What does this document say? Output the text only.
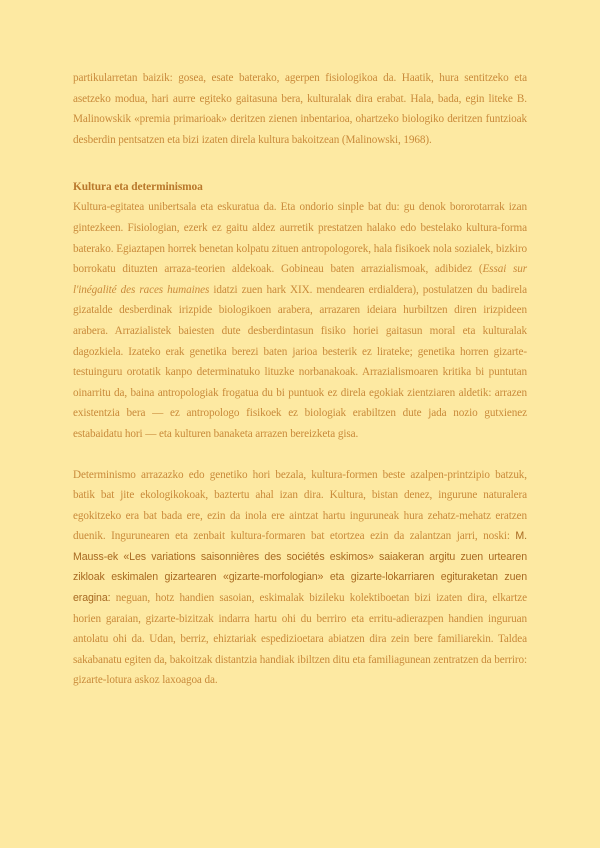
partikularretan baizik: gosea, esate baterako, agerpen fisiologikoa da. Haatik, hura sentitzeko eta asetzeko modua, hari aurre egiteko gaitasuna bera, kulturalak dira erabat. Hala, bada, egin liteke B. Malinowskik «premia primarioak» deritzen zienen inbentarioa, ohartzeko biologiko deritzen funtzioak desberdin pentsatzen eta bizi izaten direla kultura bakoitzean (Malinowski, 1968).

Kultura eta determinismoa

Kultura-egitatea unibertsala eta eskuratua da. Eta ondorio sinple bat du: gu denok bororotarrak izan gintezkeen. Fisiologian, ezerk ez gaitu aldez aurretik prestatzen halako edo bestelako kultura-forma baterako. Egiaztapen horrek benetan kolpatu zituen antropologorek, hala fisikoek nola sozialek, bizkiro borrokatu dituzten arraza-teorien aldekoak. Gobineau baten arrazialismoak, adibidez (Essai sur l'inégalité des races humaines idatzi zuen hark XIX. mendearen erdialdera), postulatzen du badirela gizatalde desberdinak irizpide biologikoen arabera, arrazaren ideiara hurbiltzen diren irizpideen arabera. Arrazialistek baiesten dute desberdintasun fisiko horiei gaitasun moral eta kulturalak dagozkiela. Izateko erak genetika berezi baten jarioa besterik ez lirateke; genetika horren gizarte-testuinguru orotatik kanpo determinatuko lituzke norbanakoak. Arrazialismoaren kritika bi puntutan oinarritu da, baina antropologiak frogatua du bi puntuok ez direla egokiak zientziaren aldetik: arrazen existentzia bera — ez antropologo fisikoek ez biologiak erabiltzen dute jada nozio gutxienez estabaidatu hori — eta kulturen banaketa arrazen bereizketa gisa.

Determinismo arrazazko edo genetiko hori bezala, kultura-formen beste azalpen-printzipio batzuk, batik bat jite ekologikokoak, baztertu ahal izan dira. Kultura, bistan denez, ingurune naturalera egokitzeko era bat bada ere, ezin da inola ere aintzat hartu inguruneak hura zehatz-mehatz eratzen duenik. Ingurunearen eta zenbait kultura-formaren bat etortzea ezin da zalantzan jarri, noski: M. Mauss-ek «Les variations saisonnières des sociétés eskimos» saiakeran argitu zuen urtearen zikloak eskimalen gizartearen «gizarte-morfologian» eta gizarte-lokarriaren egituraketan zuen eragina: neguan, hotz handien sasoian, eskimalak bizileku kolektiboetan bizi izaten dira, elkartze horien garaian, gizarte-bizitzak indarra hartu ohi du berriro eta erritu-adierazpen handien inguruan antolatu ohi da. Udan, berriz, ehiztariak espedizioetara abiatzen dira zein bere familiarekin. Taldea sakabanatu egiten da, bakoitzak distantzia handiak ibiltzen ditu eta familiagunean zentratzen da berriro: gizarte-lotura askoz laxoagoa da.
